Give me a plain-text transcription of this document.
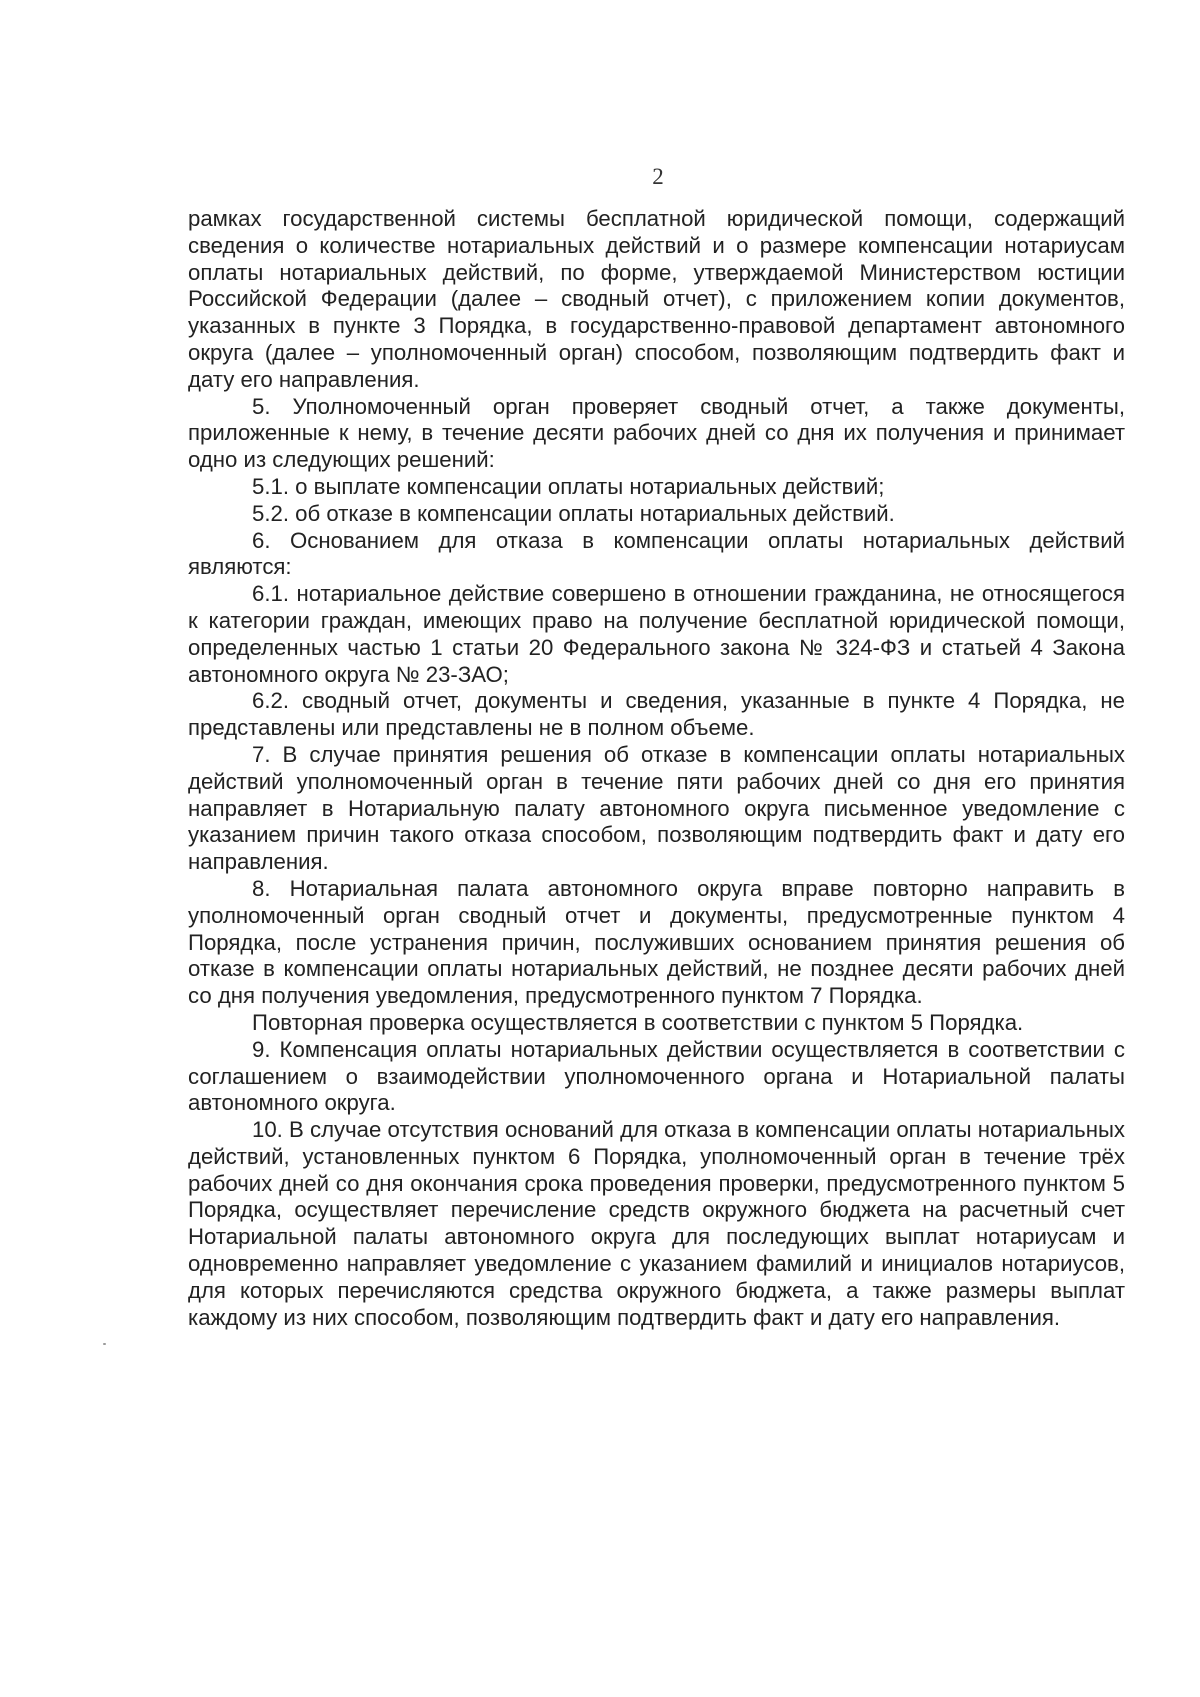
2

рамках государственной системы бесплатной юридической помощи, содержащий сведения о количестве нотариальных действий и о размере компенсации нотариусам оплаты нотариальных действий, по форме, утверждаемой Министерством юстиции Российской Федерации (далее – сводный отчет), с приложением копии документов, указанных в пункте 3 Порядка, в государственно-правовой департамент автономного округа (далее – уполномоченный орган) способом, позволяющим подтвердить факт и дату его направления.

5. Уполномоченный орган проверяет сводный отчет, а также документы, приложенные к нему, в течение десяти рабочих дней со дня их получения и принимает одно из следующих решений:

5.1. о выплате компенсации оплаты нотариальных действий;

5.2. об отказе в компенсации оплаты нотариальных действий.

6. Основанием для отказа в компенсации оплаты нотариальных действий являются:

6.1. нотариальное действие совершено в отношении гражданина, не относящегося к категории граждан, имеющих право на получение бесплатной юридической помощи, определенных частью 1 статьи 20 Федерального закона № 324-ФЗ и статьей 4 Закона автономного округа № 23-ЗАО;

6.2. сводный отчет, документы и сведения, указанные в пункте 4 Порядка, не представлены или представлены не в полном объеме.

7. В случае принятия решения об отказе в компенсации оплаты нотариальных действий уполномоченный орган в течение пяти рабочих дней со дня его принятия направляет в Нотариальную палату автономного округа письменное уведомление с указанием причин такого отказа способом, позволяющим подтвердить факт и дату его направления.

8. Нотариальная палата автономного округа вправе повторно направить в уполномоченный орган сводный отчет и документы, предусмотренные пунктом 4 Порядка, после устранения причин, послуживших основанием принятия решения об отказе в компенсации оплаты нотариальных действий, не позднее десяти рабочих дней со дня получения уведомления, предусмотренного пунктом 7 Порядка.

Повторная проверка осуществляется в соответствии с пунктом 5 Порядка.

9. Компенсация оплаты нотариальных действии осуществляется в соответствии с соглашением о взаимодействии уполномоченного органа и Нотариальной палаты автономного округа.

10. В случае отсутствия оснований для отказа в компенсации оплаты нотариальных действий, установленных пунктом 6 Порядка, уполномоченный орган в течение трёх рабочих дней со дня окончания срока проведения проверки, предусмотренного пунктом 5 Порядка, осуществляет перечисление средств окружного бюджета на расчетный счет Нотариальной палаты автономного округа для последующих выплат нотариусам и одновременно направляет уведомление с указанием фамилий и инициалов нотариусов, для которых перечисляются средства окружного бюджета, а также размеры выплат каждому из них способом, позволяющим подтвердить факт и дату его направления.
